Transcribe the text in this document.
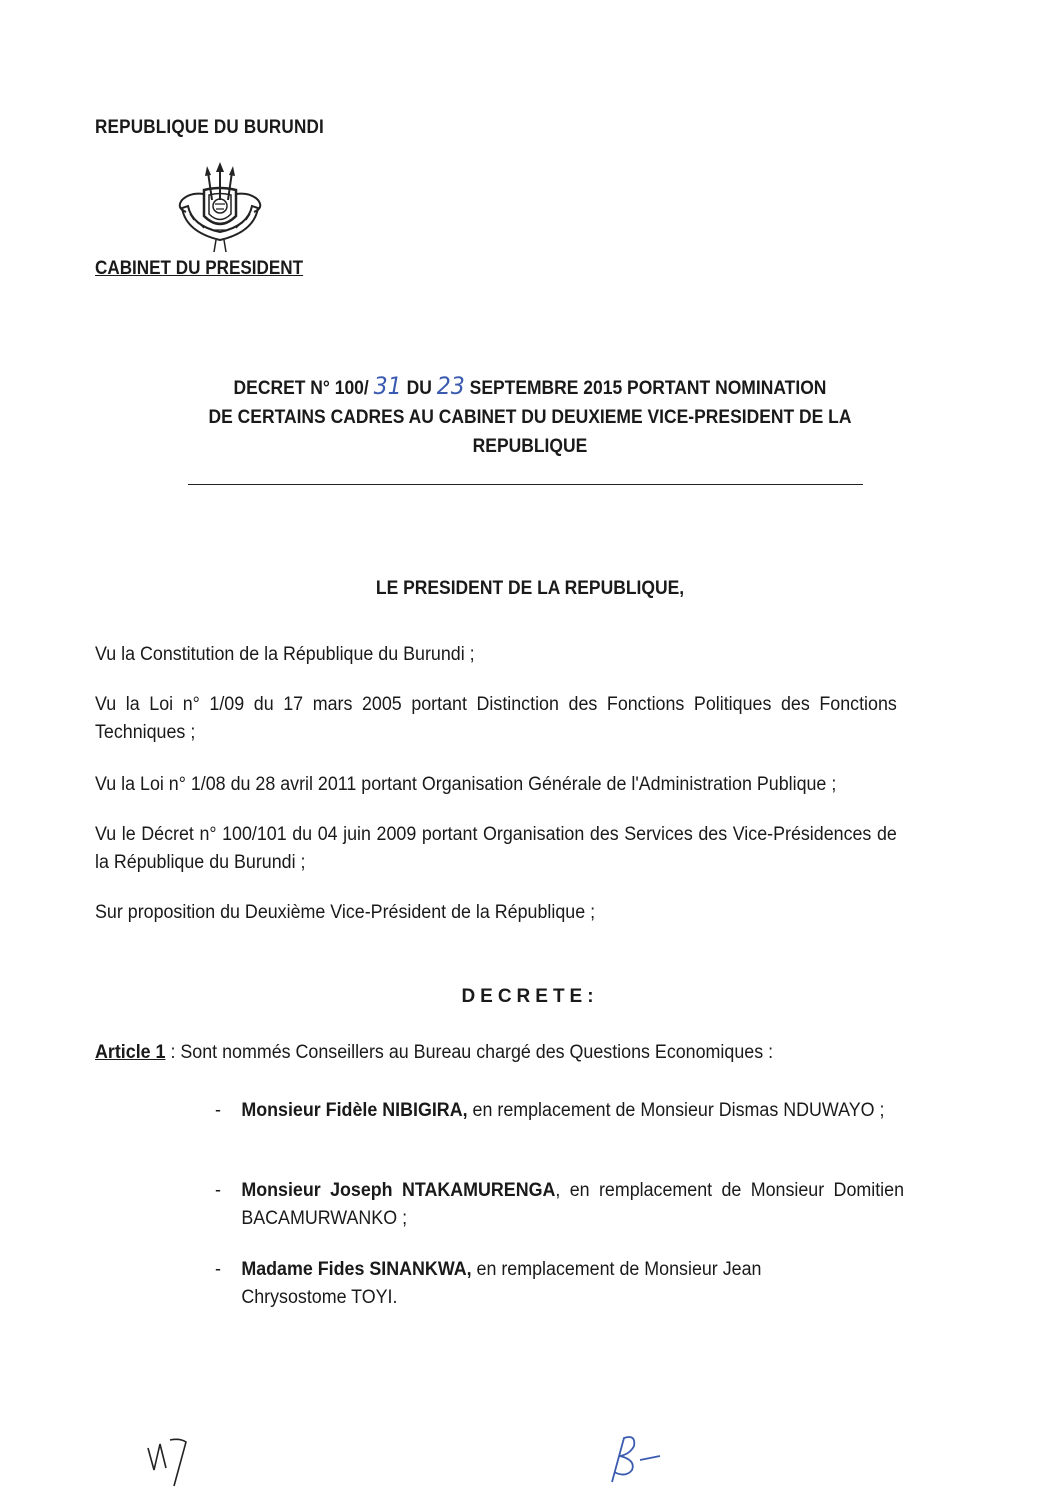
REPUBLIQUE DU BURUNDI
CABINET DU PRESIDENT
DECRET N° 100/ 31 DU 23 SEPTEMBRE 2015 PORTANT NOMINATION
DE CERTAINS CADRES AU CABINET DU DEUXIEME VICE-PRESIDENT DE LA
REPUBLIQUE
LE PRESIDENT DE LA REPUBLIQUE,
Vu la Constitution de la République du Burundi ;
Vu la Loi n° 1/09 du 17 mars 2005 portant Distinction des Fonctions Politiques des Fonctions Techniques ;
Vu la Loi n° 1/08 du 28 avril 2011 portant Organisation Générale de l'Administration Publique ;
Vu le Décret n° 100/101 du 04 juin 2009 portant Organisation des Services des Vice-Présidences de la République du Burundi ;
Sur proposition du Deuxième Vice-Président de la République ;
DECRETE:
Article 1 : Sont nommés Conseillers au Bureau chargé des Questions Economiques :
-	Monsieur Fidèle NIBIGIRA, en remplacement de Monsieur Dismas NDUWAYO ;
-	Monsieur Joseph NTAKAMURENGA, en remplacement de Monsieur Domitien BACAMURWANKO ;
-	Madame Fides SINANKWA, en remplacement de Monsieur Jean Chrysostome TOYI.
